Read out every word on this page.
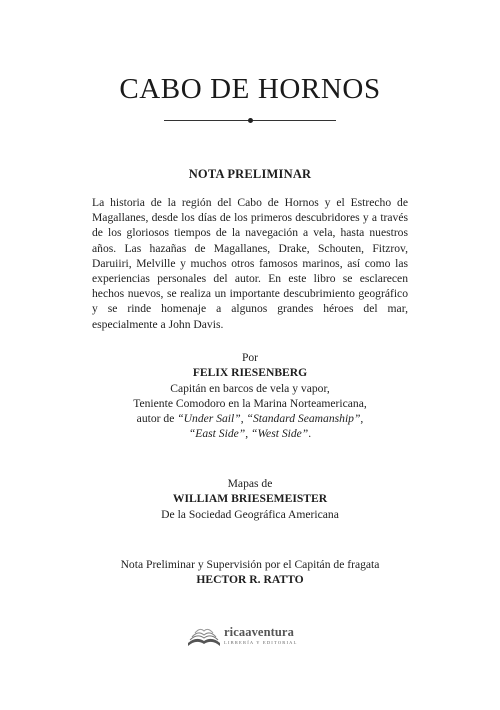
CABO DE HORNOS
NOTA PRELIMINAR
La historia de la región del Cabo de Hornos y el Estrecho de Magallanes, desde los días de los primeros descubridores y a través de los gloriosos tiempos de la navegación a vela, hasta nuestros años. Las hazañas de Magallanes, Drake, Schouten, Fitzrov, Daruiiri, Melville y muchos otros famosos marinos, así como las experiencias personales del autor. En este libro se esclarecen hechos nuevos, se realiza un importante descubrimiento geográfico y se rinde homenaje a algunos grandes héroes del mar, especialmente a John Davis.
Por
FELIX RIESENBERG
Capitán en barcos de vela y vapor,
Teniente Comodoro en la Marina Norteamericana,
autor de “Under Sail”, “Standard Seamanship”,
“East Side”, “West Side”.
Mapas de
WILLIAM BRIESEMEISTER
De la Sociedad Geográfica Americana
Nota Preliminar y Supervisión por el Capitán de fragata
HECTOR R. RATTO
ricaaventura
LIBRERÍA Y EDITORIAL
